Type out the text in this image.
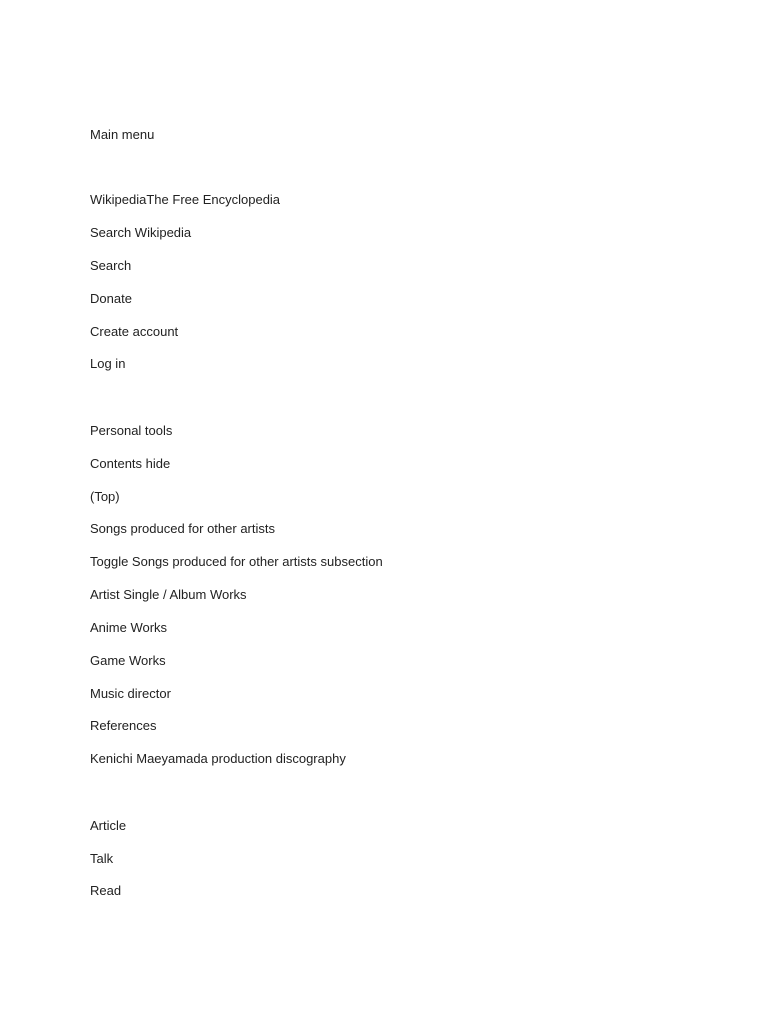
Main menu
WikipediaThe Free Encyclopedia
Search Wikipedia
Search
Donate
Create account
Log in
Personal tools
Contents hide
(Top)
Songs produced for other artists
Toggle Songs produced for other artists subsection
Artist Single / Album Works
Anime Works
Game Works
Music director
References
Kenichi Maeyamada production discography
Article
Talk
Read
